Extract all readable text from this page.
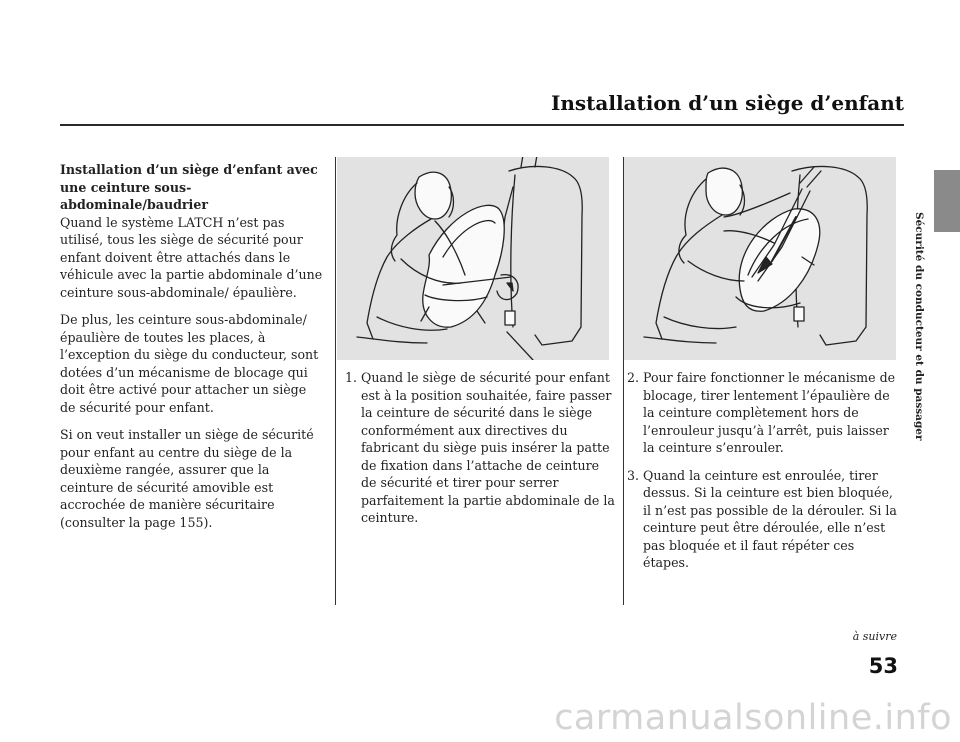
Installation d’un siège d’enfant
Sécurité du conducteur et du passager

Installation d’un siège d’enfant avec une ceinture sous-abdominale/baudrier

Quand le système LATCH n’est pas utilisé, tous les siège de sécurité pour enfant doivent être attachés dans le véhicule avec la partie abdominale d’une ceinture sous-abdominale/ épaulière.

De plus, les ceinture sous-abdominale/ épaulière de toutes les places, à l’exception du siège du conducteur, sont dotées d’un mécanisme de blocage qui doit être activé pour attacher un siège de sécurité pour enfant.

Si on veut installer un siège de sécurité pour enfant au centre du siège de la deuxième rangée, assurer que la ceinture de sécurité amovible est accrochée de manière sécuritaire (consulter la page 155).

1. Quand le siège de sécurité pour enfant est à la position souhaitée, faire passer la ceinture de sécurité dans le siège conformément aux directives du fabricant du siège puis insérer la patte de fixation dans l’attache de ceinture de sécurité et tirer pour serrer parfaitement la partie abdominale de la ceinture.
2. Pour faire fonctionner le mécanisme de blocage, tirer lentement l’épaulière de la ceinture complètement hors de l’enrouleur jusqu’à l’arrêt, puis laisser la ceinture s’enrouler.
3. Quand la ceinture est enroulée, tirer dessus. Si la ceinture est bien bloquée, il n’est pas possible de la dérouler. Si la ceinture peut être déroulée, elle n’est pas bloquée et il faut répéter ces étapes.
à suivre
53
carmanualsonline.info
